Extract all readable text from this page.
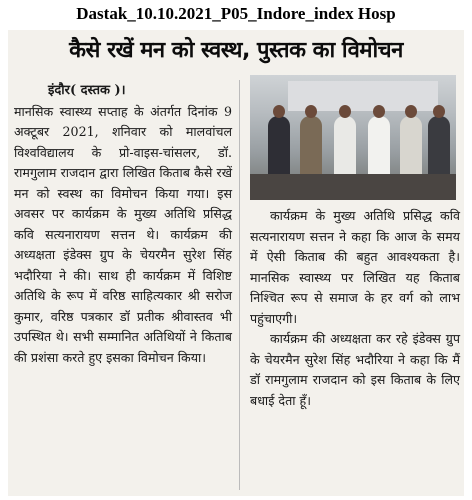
Dastak_10.10.2021_P05_Indore_index Hosp
कैसे रखें मन को स्वस्थ, पुस्तक का विमोचन
इंदौर( दस्तक )।

मानसिक स्वास्थ्य सप्ताह के अंतर्गत दिनांक 9 अक्टूबर 2021, शनिवार को मालवांचल विश्वविद्यालय के प्रो-वाइस-चांसलर, डॉ. रामगुलाम राजदान द्वारा लिखित किताब कैसे रखें मन को स्वस्थ का विमोचन किया गया। इस अवसर पर कार्यक्रम के मुख्य अतिथि प्रसिद्ध कवि सत्यनारायण सत्तन थे। कार्यक्रम की अध्यक्षता इंडेक्स ग्रुप के चेयरमैन सुरेश सिंह भदौरिया ने की। साथ ही कार्यक्रम में विशिष्ट अतिथि के रूप में वरिष्ठ साहित्यकार श्री सरोज कुमार, वरिष्ठ पत्रकार डॉ प्रतीक श्रीवास्तव भी उपस्थित थे। सभी सम्मानित अतिथियों ने किताब की प्रशंसा करते हुए इसका विमोचन किया।

कार्यक्रम के मुख्य अतिथि प्रसिद्ध कवि सत्यनारायण सत्तन ने कहा कि आज के समय में ऐसी किताब की बहुत आवश्यकता है। मानसिक स्वास्थ्य पर लिखित यह किताब निश्चित रूप से समाज के हर वर्ग को लाभ पहुंचाएगी।

कार्यक्रम की अध्यक्षता कर रहे इंडेक्स ग्रुप के चेयरमैन सुरेश सिंह भदौरिया ने कहा कि मैं डॉ रामगुलाम राजदान को इस किताब के लिए बधाई देता हूँ।
